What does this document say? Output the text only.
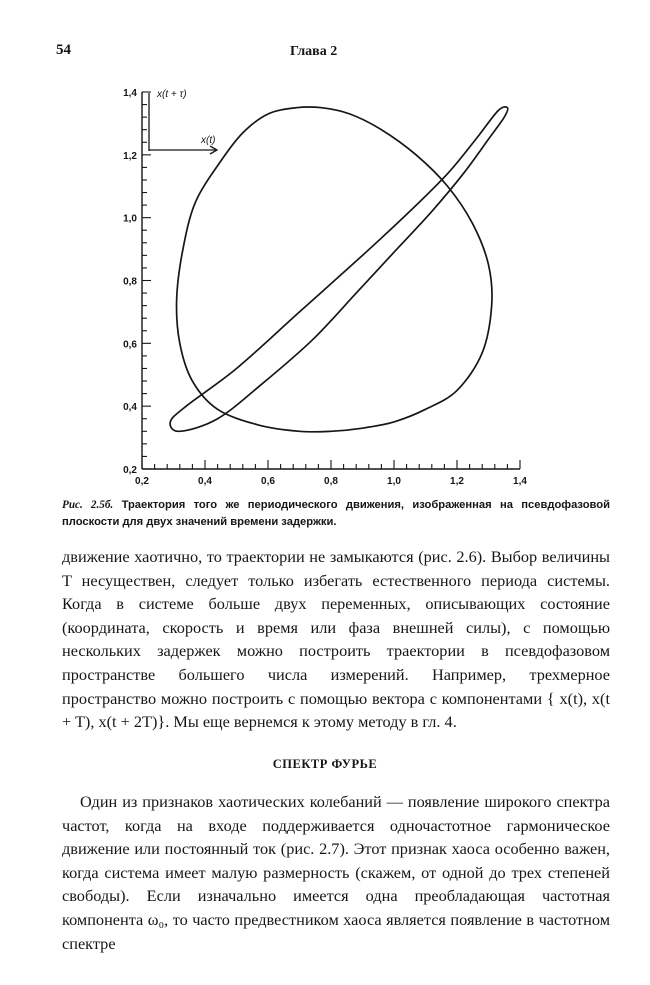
54	Глава 2
0,2	0,4	0,6	0,8	1,0	1,2	1,4
0,2
0,4
0,6
0,8
1,0
1,2
1,4 x(t + τ)
x(t)
Рис. 2.5б. Траектория того же периодического движения, изображенная на псевдофазовой плоскости для двух значений времени задержки.

движение хаотично, то траектории не замыкаются (рис. 2.6). Выбор величины T несуществен, следует только избегать естественного периода системы. Когда в системе больше двух переменных, описывающих состояние (координата, скорость и время или фаза внешней силы), с помощью нескольких задержек можно построить траектории в псевдофазовом пространстве большего числа измерений. Например, трехмерное пространство можно построить с помощью вектора с компонентами { x(t), x(t + T), x(t + 2T)}. Мы еще вернемся к этому методу в гл. 4.

СПЕКТР ФУРЬЕ

Один из признаков хаотических колебаний — появление широкого спектра частот, когда на входе поддерживается одночастотное гармоническое движение или постоянный ток (рис. 2.7). Этот признак хаоса особенно важен, когда система имеет малую размерность (скажем, от одной до трех степеней свободы). Если изначально имеется одна преобладающая частотная компонента ω₀, то часто предвестником хаоса является появление в частотном спектре
